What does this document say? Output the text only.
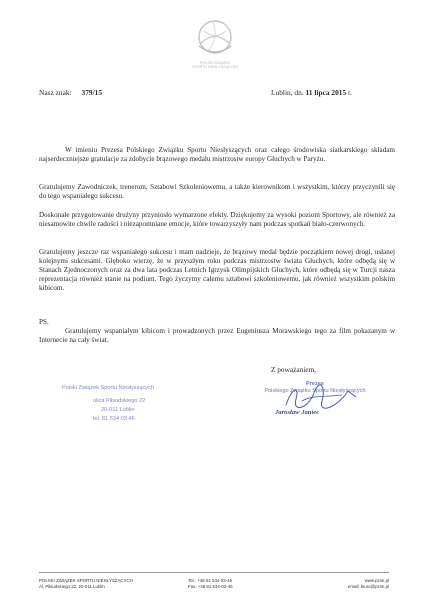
POLSKI ZWIĄZEK
SPORTU NIESŁYSZĄCYCH
Nasz znak: 379/15	Lublin, dn. 11 lipca 2015 r.

W imieniu Prezesa Polskiego Związku Sportu Niesłyszących oraz całego środowiska siatkarskiego składam najserdeczniejsze gratulacje za zdobycie brązowego medalu mistrzostw europy Głuchych w Paryżu.

Gratulujemy Zawodniczek, trenerom, Sztabowi Szkoleniowemu, a także kierownikom i wszystkim, którzy przyczynili się do tego wspaniałego sukcesu.

Doskonałe przygotowanie drużyny przyniosło wymarzone efekty. Dziękujemy za wysoki poziom Sportowy, ale również za niesamowite chwile radości i niezapomniane emocje, które towarzyszyły nam podczas spotkań biało-czerwonych.

Gratulujemy jeszcze raz wspaniałego sukcesu i mam nadzieje, że brązowy medal będzie początkiem nowej drogi, usłanej kolejnymi sukcesami. Głęboko wierzę, że w przyszłym roku podczas mistrzostw świata Głuchych, które odbędą się w Stanach Zjednoczonych oraz za dwa lata podczas Letnich Igrzysk Olimpijskich Głuchych, które odbędą się w Turcji nasza reprezentacja również stanie na podium. Tego życzymy całemu sztabowi szkoleniowemu, jak również wszystkim polskim kibicom.

PS.

Gratulujemy wspaniałym kibicom i prowadzonych przez Eugeniusza Morawskiego tego za film pokazanym w Internecie na cały świat.

Z poważaniem,
Polski Związek Sportu Niesłyszących
ulica Piłsudskiego 22
20-011 Lublin
tel. 81 534 03 46
Prezes
Polskiego Związku Sportu Niesłyszących
Jarosław Janiec
POLSKI ZWIĄZEK SPORTU NIESŁYSZĄCYCH
Al. Piłsudskiego 22, 20-011 Lublin
Tel.: +48 81 534-03-46
Fax: +48 81 534-03-46
www.pzsn.pl
email: biuro@pzsn.pl
